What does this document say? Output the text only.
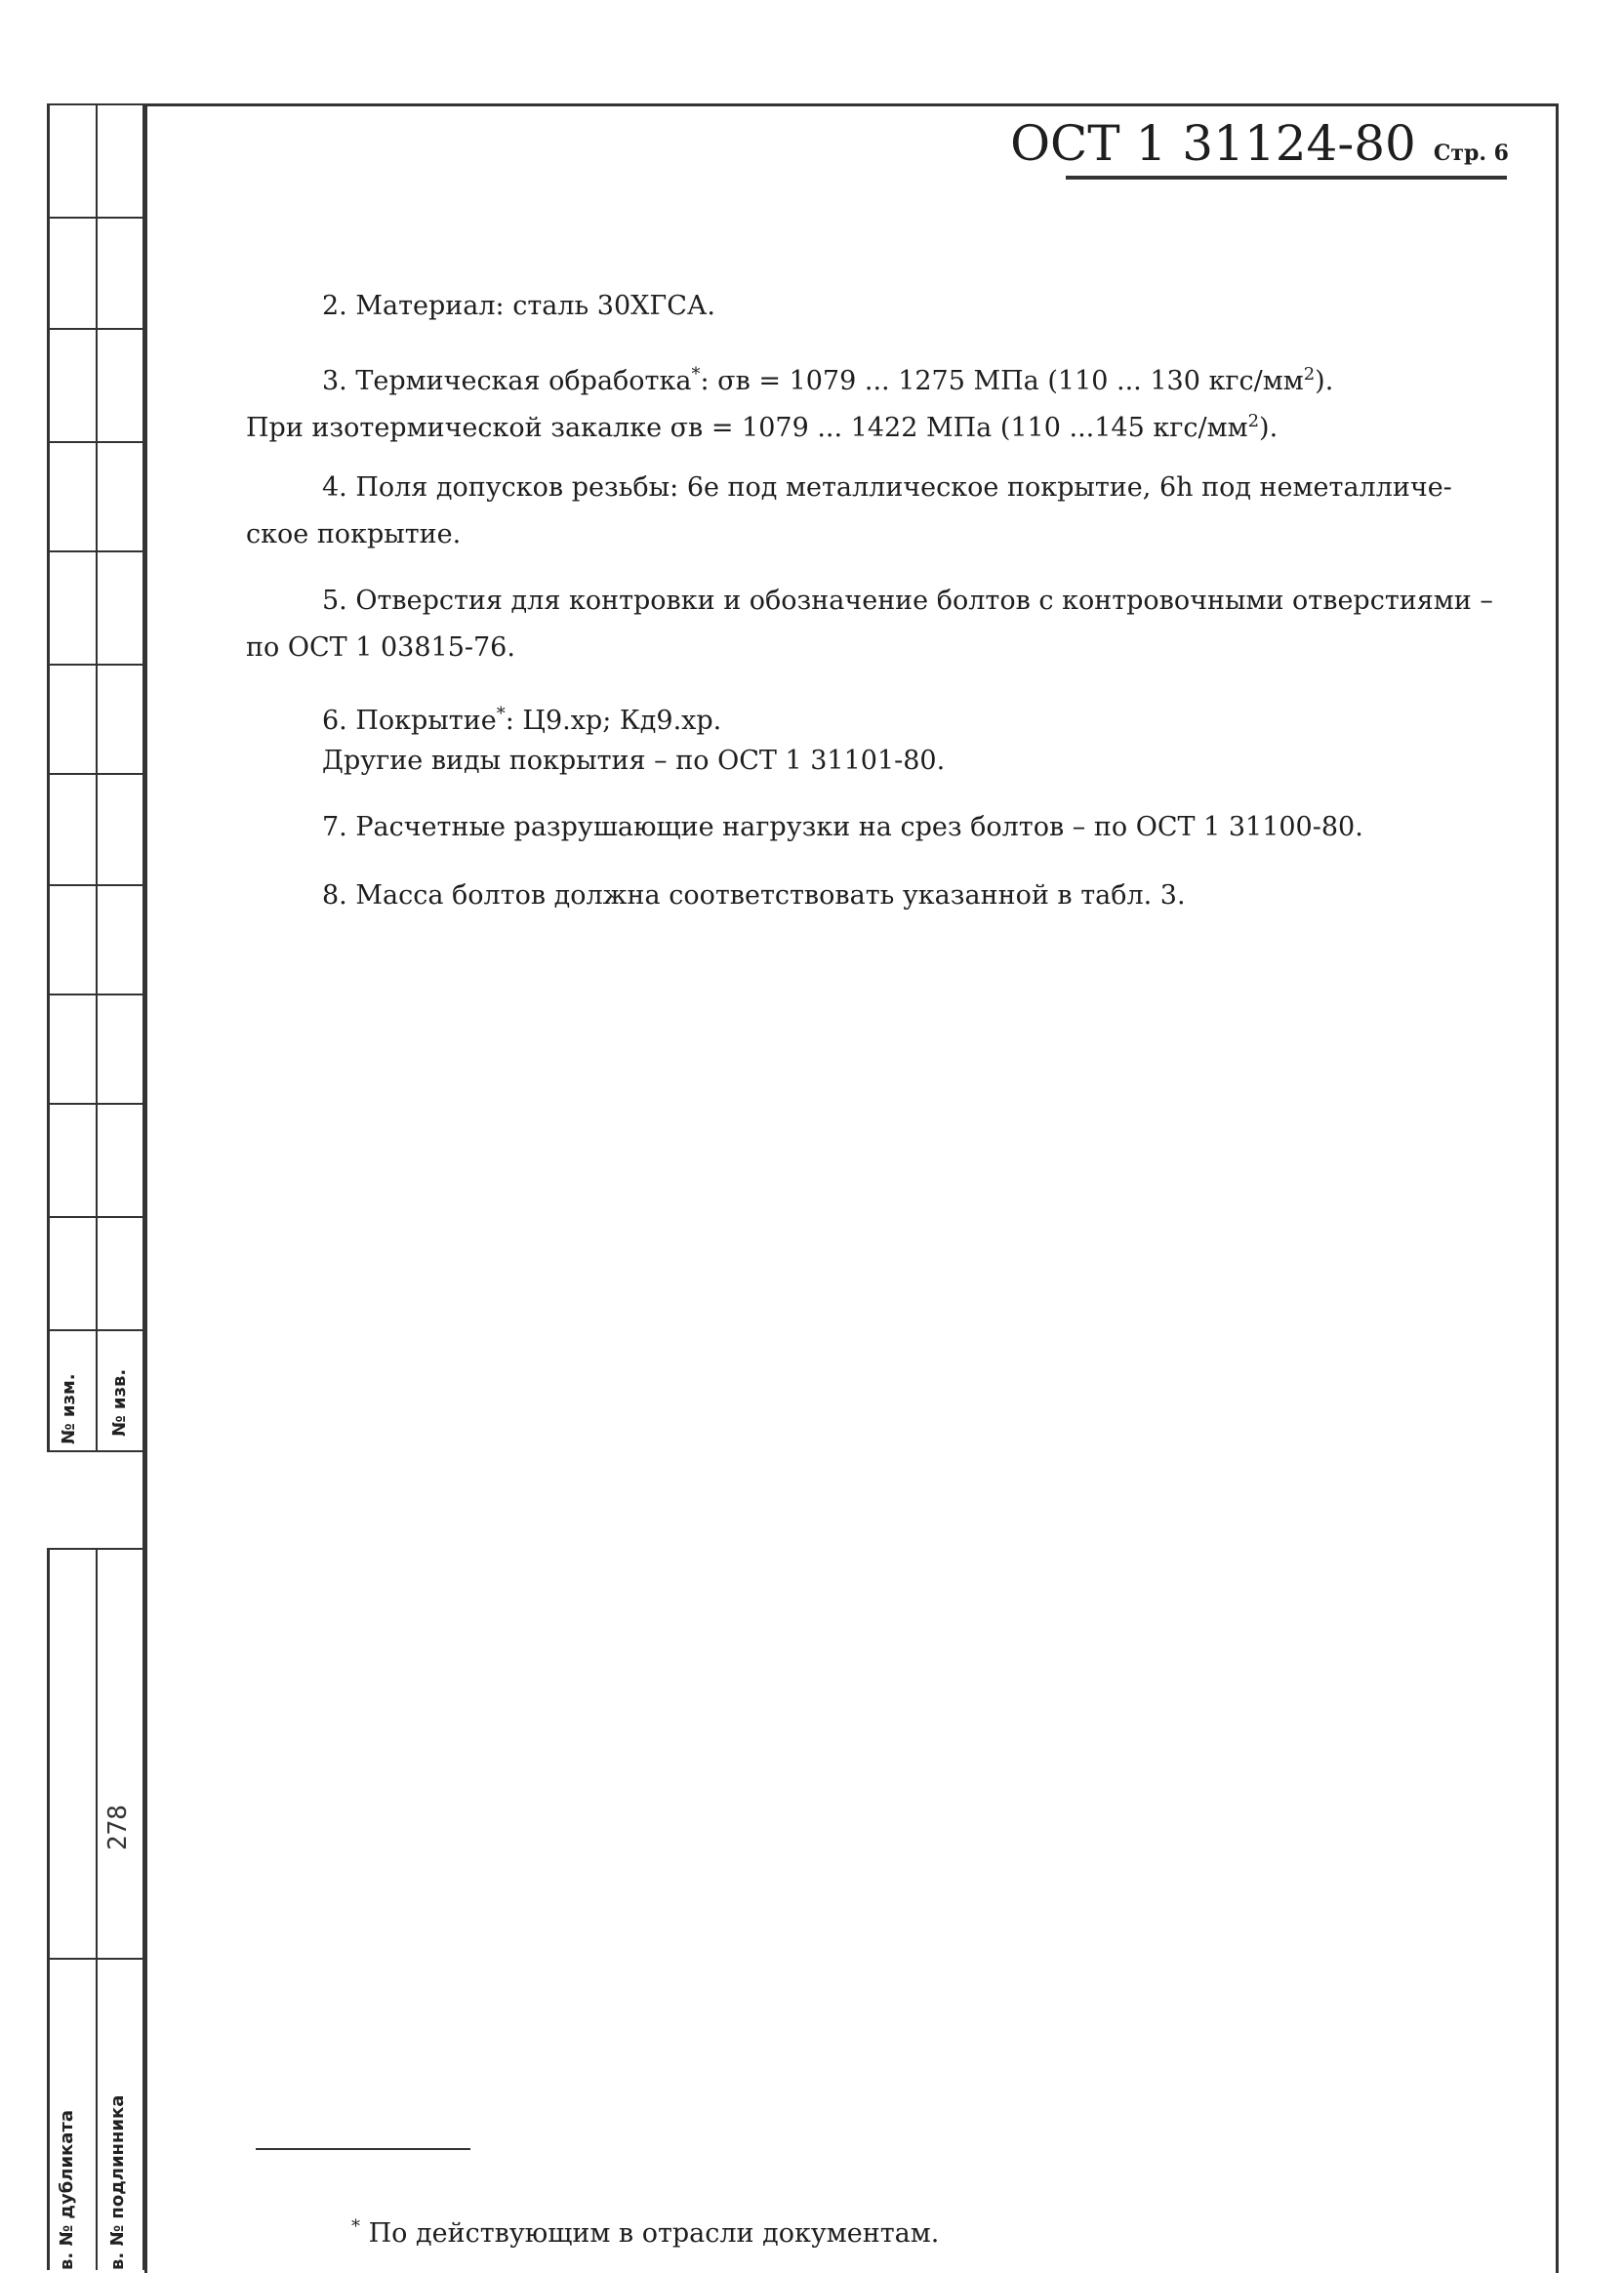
№ изм. № изв.
278
в. № дубликата в. № подлинника
ОСТ 1 31124-80 Стр. 6
2. Материал: сталь 30ХГСА.
3. Термическая обработка*: σв = 1079 ... 1275 МПа (110 ... 130 кгс/$мм^2$).
При изотермической закалке σв = 1079 ... 1422 МПа (110 ...145 кгс/$мм^2$).
4. Поля допусков резьбы: 6е под металлическое покрытие, 6h под неметалличе-
ское покрытие.
5. Отверстия для контровки и обозначение болтов с контровочными отверстиями –
по ОСТ 1 03815-76.
6. Покрытие*: Ц9.хр; Кд9.хр.
Другие виды покрытия – по ОСТ 1 31101-80.
7. Расчетные разрушающие нагрузки на срез болтов – по ОСТ 1 31100-80.
8. Масса болтов должна соответствовать указанной в табл. 3.
* По действующим в отрасли документам.
